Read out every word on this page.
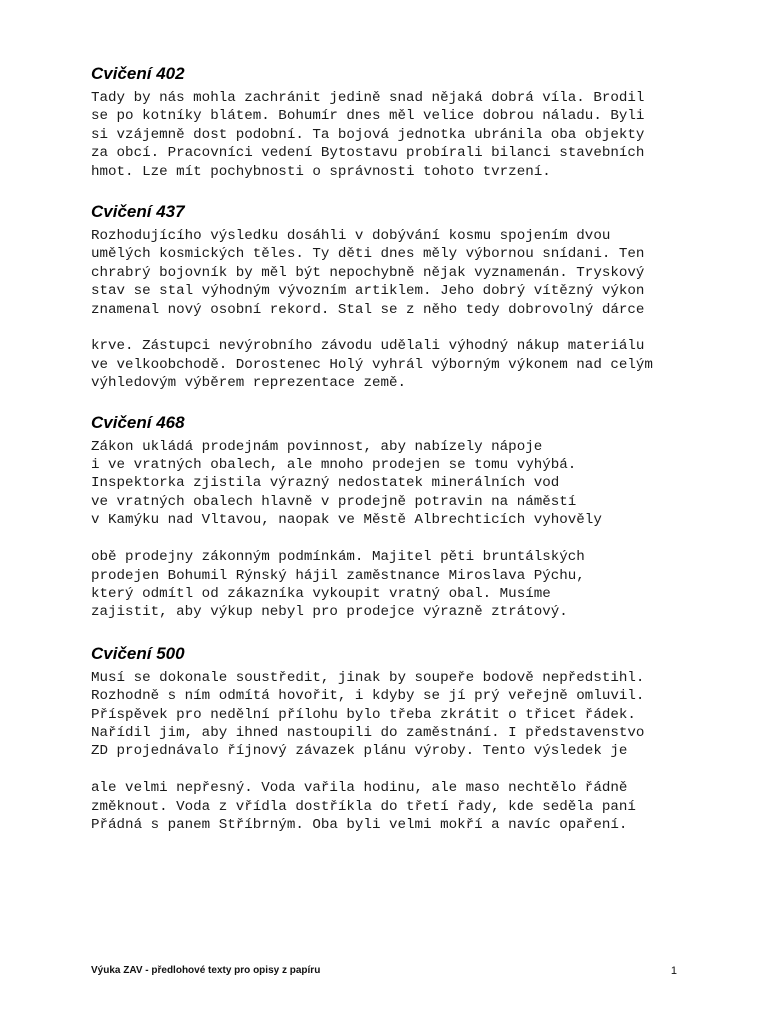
Cvičení 402

Tady by nás mohla zachránit jedině snad nějaká dobrá víla. Brodil
se po kotníky blátem. Bohumír dnes měl velice dobrou náladu. Byli
si vzájemně dost podobní. Ta bojová jednotka ubránila oba objekty
za obcí. Pracovníci vedení Bytostavu probírali bilanci stavebních
hmot. Lze mít pochybnosti o správnosti tohoto tvrzení.

Cvičení 437

Rozhodujícího výsledku dosáhli v dobývání kosmu spojením dvou
umělých kosmických těles. Ty děti dnes měly výbornou snídani. Ten
chrabrý bojovník by měl být nepochybně nějak vyznamenán. Tryskový
stav se stal výhodným vývozním artiklem. Jeho dobrý vítězný výkon
znamenal nový osobní rekord. Stal se z něho tedy dobrovolný dárce

krve. Zástupci nevýrobního závodu udělali výhodný nákup materiálu
ve velkoobchodě. Dorostenec Holý vyhrál výborným výkonem nad celým
výhledovým výběrem reprezentace země.

Cvičení 468

Zákon ukládá prodejnám povinnost, aby nabízely nápoje
i ve vratných obalech, ale mnoho prodejen se tomu vyhýbá.
Inspektorka zjistila výrazný nedostatek minerálních vod
ve vratných obalech hlavně v prodejně potravin na náměstí
v Kamýku nad Vltavou, naopak ve Městě Albrechticích vyhověly

obě prodejny zákonným podmínkám. Majitel pěti bruntálských
prodejen Bohumil Rýnský hájil zaměstnance Miroslava Pýchu,
který odmítl od zákazníka vykoupit vratný obal. Musíme
zajistit, aby výkup nebyl pro prodejce výrazně ztrátový.

Cvičení 500

Musí se dokonale soustředit, jinak by soupeře bodově nepředstihl.
Rozhodně s ním odmítá hovořit, i kdyby se jí prý veřejně omluvil.
Příspěvek pro nedělní přílohu bylo třeba zkrátit o třicet řádek.
Nařídil jim, aby ihned nastoupili do zaměstnání. I představenstvo
ZD projednávalo říjnový závazek plánu výroby. Tento výsledek je

ale velmi nepřesný. Voda vařila hodinu, ale maso nechtělo řádně
změknout. Voda z vřídla dostříkla do třetí řady, kde seděla paní
Přádná s panem Stříbrným. Oba byli velmi mokří a navíc opaření.

Výuka ZAV - předlohové texty pro opisy z papíru	1
